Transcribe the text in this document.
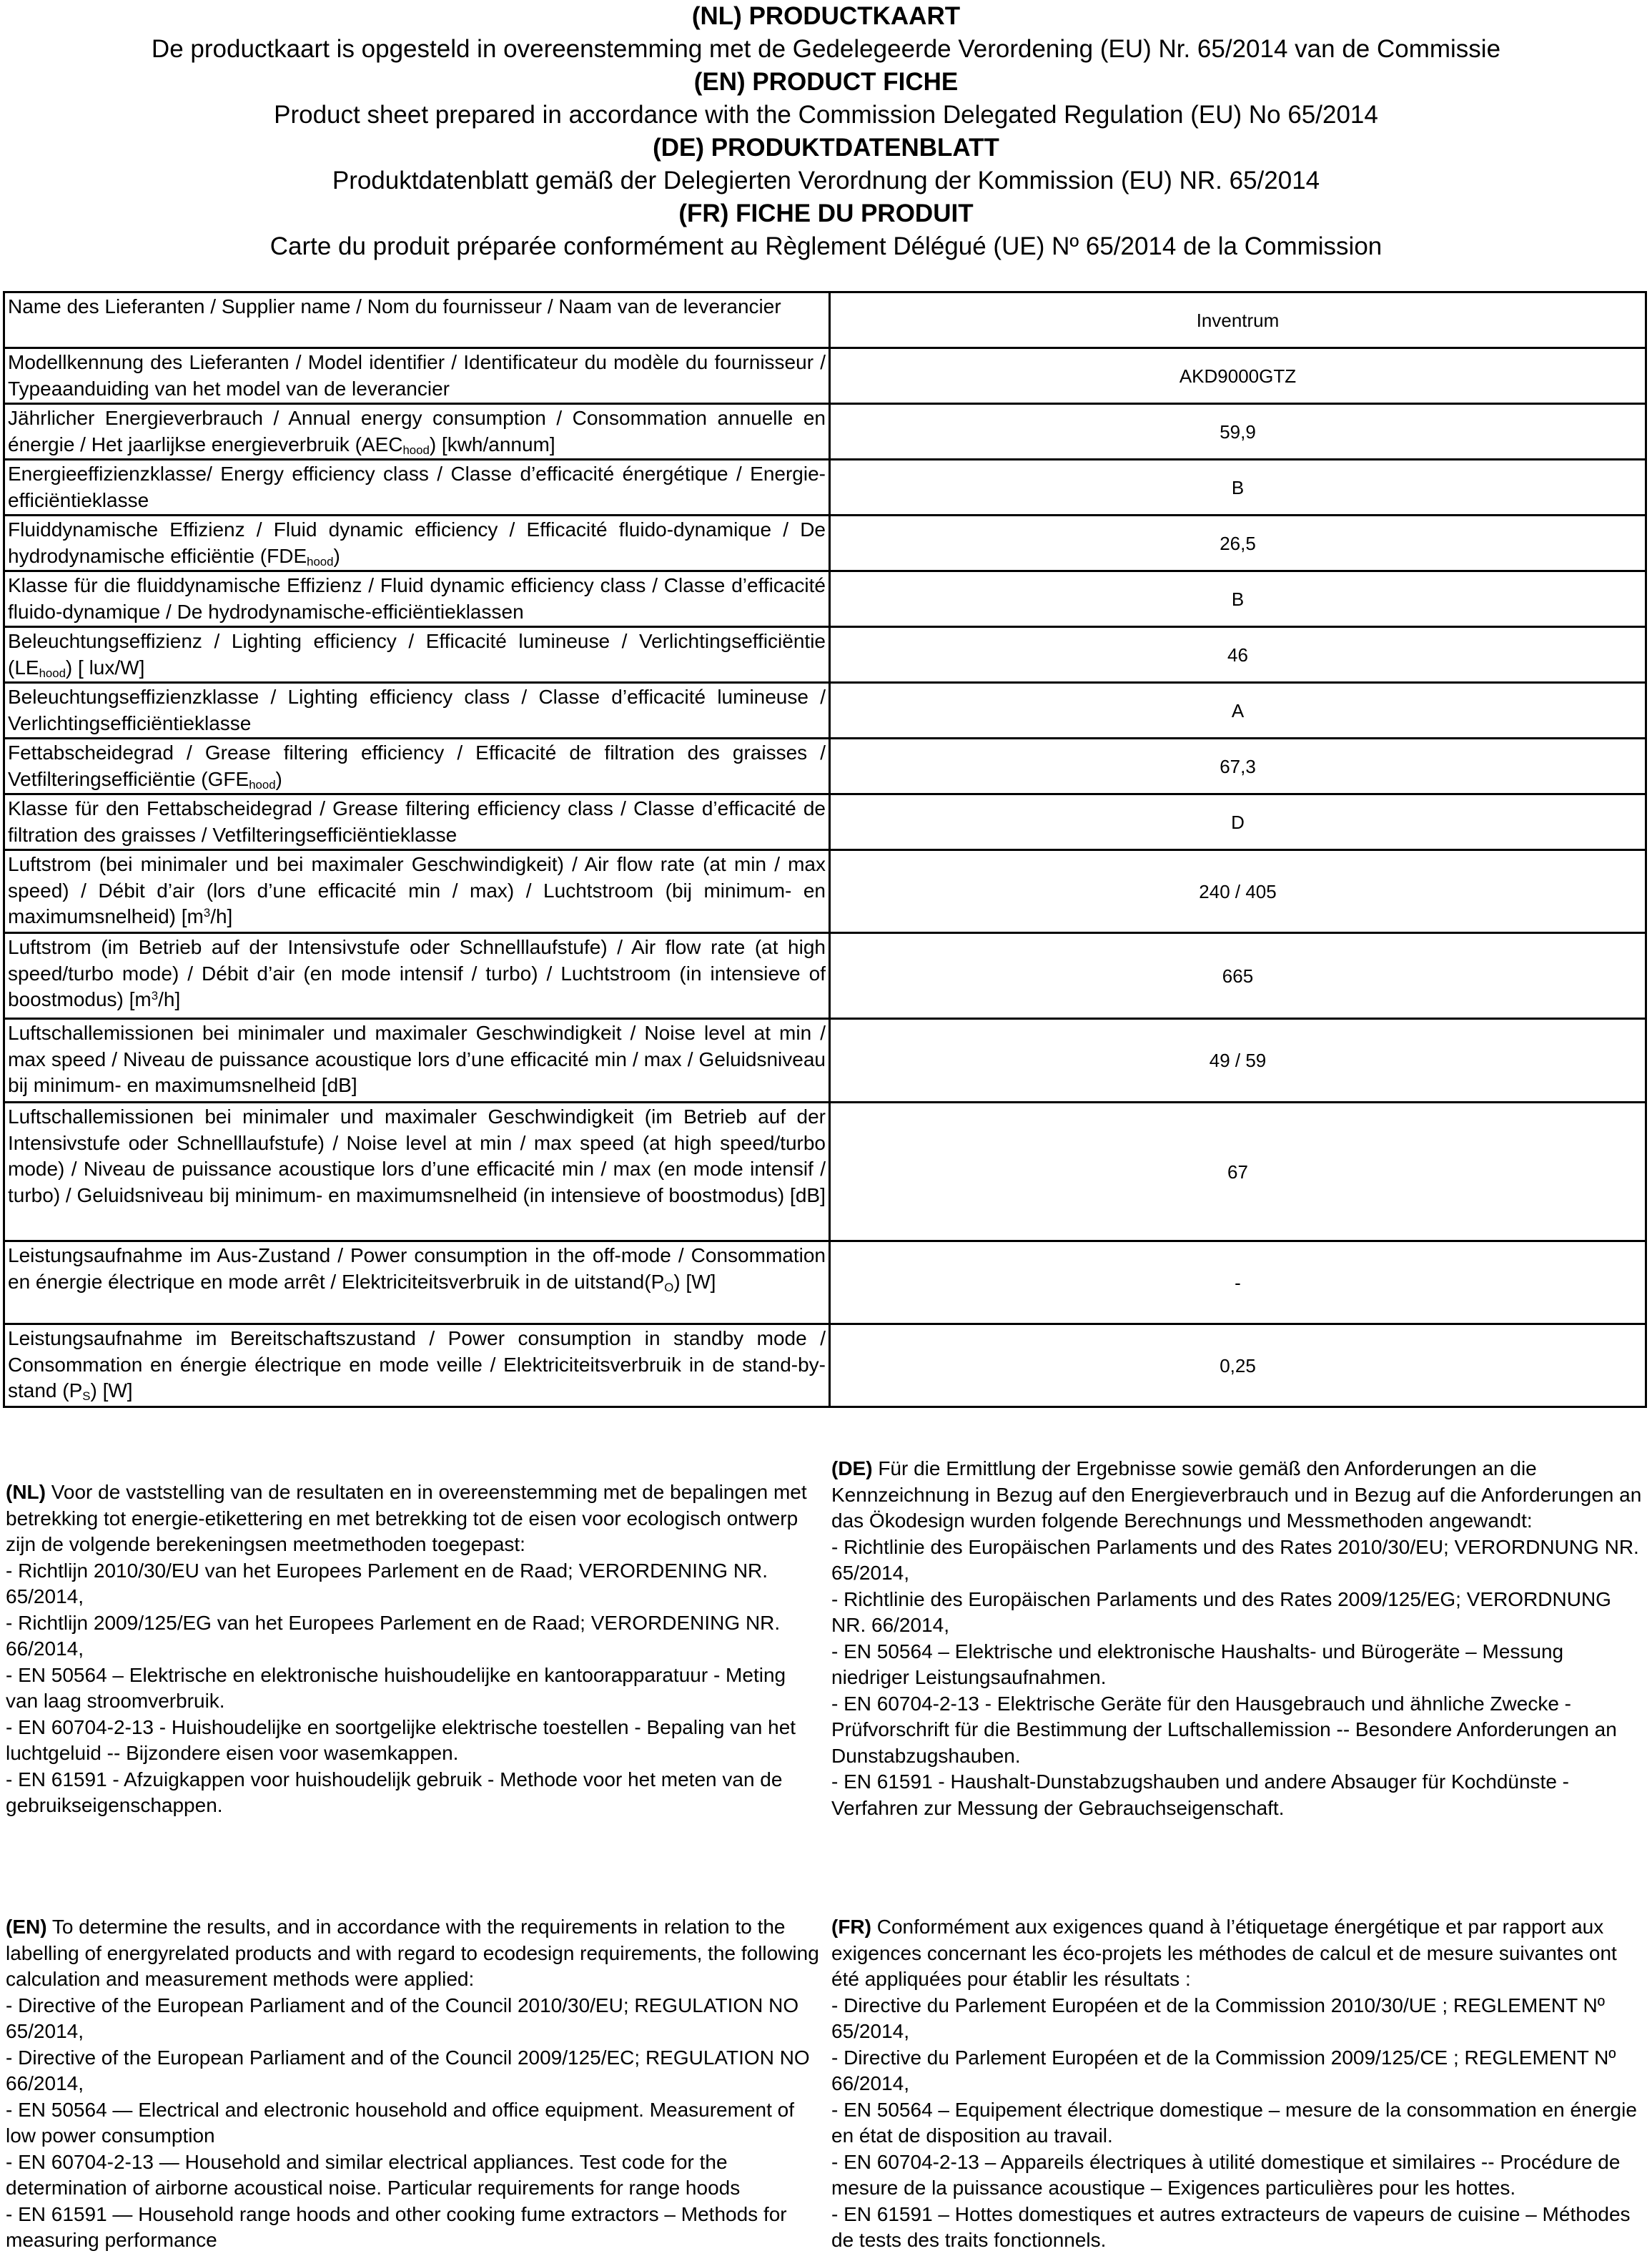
(NL) PRODUCTKAART
De productkaart is opgesteld in overeenstemming met de Gedelegeerde Verordening (EU) Nr. 65/2014 van de Commissie
(EN) PRODUCT FICHE
Product sheet prepared in accordance with the Commission Delegated Regulation (EU) No 65/2014
(DE) PRODUKTDATENBLATT
Produktdatenblatt gemäß der Delegierten Verordnung der Kommission (EU) NR. 65/2014
(FR) FICHE DU PRODUIT
Carte du produit préparée conformément au Règlement Délégué (UE) Nº 65/2014 de la Commission
Name des Lieferanten / Supplier name / Nom du fournisseur / Naam van de leverancier	Inventrum
Modellkennung des Lieferanten / Model identifier / Identificateur du modèle du fournisseur / Typeaanduiding van het model van de leverancier	AKD9000GTZ
Jährlicher Energieverbrauch / Annual energy consumption / Consommation annuelle en énergie / Het jaarlijkse energieverbruik $(AEC_{hood})$ [kwh/annum]	59,9
Energieeffizienzklasse/ Energy efficiency class / Classe d’efficacité énergétique / Energie-efficiëntieklasse	B
Fluiddynamische Effizienz / Fluid dynamic efficiency / Efficacité fluido-dynamique / De hydrodynamische efficiëntie $(FDE_{hood})$	26,5
Klasse für die fluiddynamische Effizienz / Fluid dynamic efficiency class / Classe d’efficacité fluido-dynamique / De hydrodynamische-efficiëntieklassen	B
Beleuchtungseffizienz / Lighting efficiency / Efficacité lumineuse / Verlichtingsefficiëntie $(LE_{hood})$ [ lux/W]	46
Beleuchtungseffizienzklasse / Lighting efficiency class / Classe d’efficacité lumineuse / Verlichtingsefficiëntieklasse	A
Fettabscheidegrad / Grease filtering efficiency / Efficacité de filtration des graisses / Vetfilteringsefficiëntie $(GFE_{hood})$	67,3
Klasse für den Fettabscheidegrad / Grease filtering efficiency class / Classe d’efficacité de filtration des graisses / Vetfilteringsefficiëntieklasse	D
Luftstrom (bei minimaler und bei maximaler Geschwindigkeit) / Air flow rate (at min / max speed) / Débit d’air (lors d’une efficacité min / max) / Luchtstroom (bij minimum- en maximumsnelheid) $[m^3/h]$	240 / 405
Luftstrom (im Betrieb auf der Intensivstufe oder Schnelllaufstufe) / Air flow rate (at high speed/turbo mode) / Débit d’air (en mode intensif / turbo) / Luchtstroom (in intensieve of boostmodus) $[m^3/h]$	665
Luftschallemissionen bei minimaler und maximaler Geschwindigkeit / Noise level at min / max speed / Niveau de puissance acoustique lors d’une efficacité min / max / Geluidsniveau bij minimum- en maximumsnelheid [dB]	49 / 59
Luftschallemissionen bei minimaler und maximaler Geschwindigkeit (im Betrieb auf der Intensivstufe oder Schnelllaufstufe) / Noise level at min / max speed (at high speed/turbo mode) / Niveau de puissance acoustique lors d’une efficacité min / max (en mode intensif / turbo) / Geluidsniveau bij minimum- en maximumsnelheid (in intensieve of boostmodus) [dB]	67
Leistungsaufnahme im Aus-Zustand / Power consumption in the off-mode / Consommation en énergie électrique en mode arrêt / Elektriciteitsverbruik in de $uitstand(P_O)$ [W]	-
Leistungsaufnahme im Bereitschaftszustand / Power consumption in standby mode / Consommation en énergie électrique en mode veille / Elektriciteitsverbruik in de stand-by-stand $(P_S)$ [W]	0,25

(NL) Voor de vaststelling van de resultaten en in overeenstemming met de bepalingen met betrekking tot energie-etikettering en met betrekking tot de eisen voor ecologisch ontwerp zijn de volgende berekeningsen meetmethoden toegepast:

- Richtlijn 2010/30/EU van het Europees Parlement en de Raad; VERORDENING NR. 65/2014,

- Richtlijn 2009/125/EG van het Europees Parlement en de Raad; VERORDENING NR. 66/2014,

- EN 50564 – Elektrische en elektronische huishoudelijke en kantoorapparatuur - Meting van laag stroomverbruik.

- EN 60704-2-13 - Huishoudelijke en soortgelijke elektrische toestellen - Bepaling van het luchtgeluid -- Bijzondere eisen voor wasemkappen.

- EN 61591 - Afzuigkappen voor huishoudelijk gebruik - Methode voor het meten van de gebruikseigenschappen.

(DE) Für die Ermittlung der Ergebnisse sowie gemäß den Anforderungen an die Kennzeichnung in Bezug auf den Energieverbrauch und in Bezug auf die Anforderungen an das Ökodesign wurden folgende Berechnungs und Messmethoden angewandt:

- Richtlinie des Europäischen Parlaments und des Rates 2010/30/EU; VERORDNUNG NR. 65/2014,

- Richtlinie des Europäischen Parlaments und des Rates 2009/125/EG; VERORDNUNG NR. 66/2014,

- EN 50564 – Elektrische und elektronische Haushalts- und Bürogeräte – Messung niedriger Leistungsaufnahmen.

- EN 60704-2-13 - Elektrische Geräte für den Hausgebrauch und ähnliche Zwecke - Prüfvorschrift für die Bestimmung der Luftschallemission -- Besondere Anforderungen an Dunstabzugshauben.

- EN 61591 - Haushalt-Dunstabzugshauben und andere Absauger für Kochdünste - Verfahren zur Messung der Gebrauchseigenschaft.

(EN) To determine the results, and in accordance with the requirements in relation to the labelling of energyrelated products and with regard to ecodesign requirements, the following calculation and measurement methods were applied:

- Directive of the European Parliament and of the Council 2010/30/EU; REGULATION NO 65/2014,

- Directive of the European Parliament and of the Council 2009/125/EC; REGULATION NO 66/2014,

- EN 50564 — Electrical and electronic household and office equipment. Measurement of low power consumption

- EN 60704-2-13 — Household and similar electrical appliances. Test code for the determination of airborne acoustical noise. Particular requirements for range hoods

- EN 61591 — Household range hoods and other cooking fume extractors – Methods for measuring performance

(FR) Conformément aux exigences quand à l’étiquetage énergétique et par rapport aux exigences concernant les éco-projets les méthodes de calcul et de mesure suivantes ont été appliquées pour établir les résultats :

- Directive du Parlement Européen et de la Commission 2010/30/UE ; REGLEMENT Nº 65/2014,

- Directive du Parlement Européen et de la Commission 2009/125/CE ; REGLEMENT Nº 66/2014,

- EN 50564 – Equipement électrique domestique – mesure de la consommation en énergie en état de disposition au travail.

- EN 60704-2-13 – Appareils électriques à utilité domestique et similaires -- Procédure de mesure de la puissance acoustique – Exigences particulières pour les hottes.

- EN 61591 – Hottes domestiques et autres extracteurs de vapeurs de cuisine – Méthodes de tests des traits fonctionnels.
